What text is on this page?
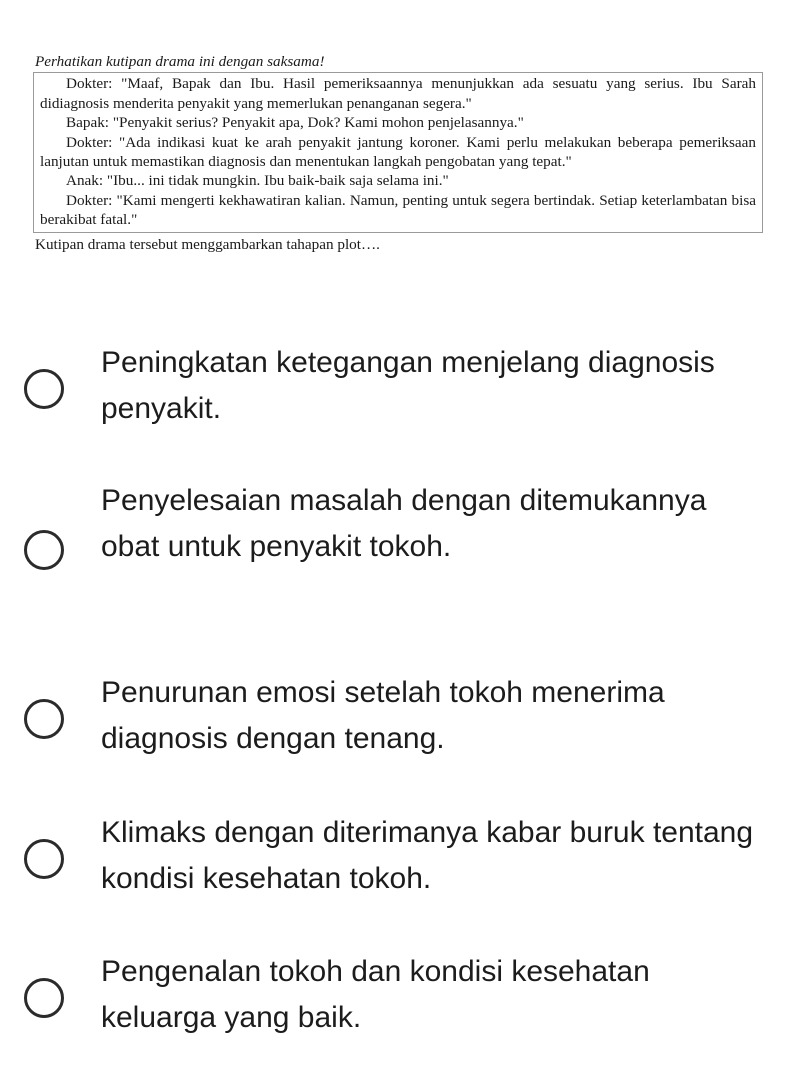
Perhatikan kutipan drama ini dengan saksama!

Dokter: "Maaf, Bapak dan Ibu. Hasil pemeriksaannya menunjukkan ada sesuatu yang serius. Ibu Sarah didiagnosis menderita penyakit yang memerlukan penanganan segera."

Bapak: "Penyakit serius? Penyakit apa, Dok? Kami mohon penjelasannya."

Dokter: "Ada indikasi kuat ke arah penyakit jantung koroner. Kami perlu melakukan beberapa pemeriksaan lanjutan untuk memastikan diagnosis dan menentukan langkah pengobatan yang tepat."

Anak: "Ibu... ini tidak mungkin. Ibu baik-baik saja selama ini."

Dokter: "Kami mengerti kekhawatiran kalian. Namun, penting untuk segera bertindak. Setiap keterlambatan bisa berakibat fatal."

Kutipan drama tersebut menggambarkan tahapan plot….
Peningkatan ketegangan menjelang diagnosis penyakit.
Penyelesaian masalah dengan ditemukannya obat untuk penyakit tokoh.
Penurunan emosi setelah tokoh menerima diagnosis dengan tenang.
Klimaks dengan diterimanya kabar buruk tentang kondisi kesehatan tokoh.
Pengenalan tokoh dan kondisi kesehatan keluarga yang baik.
